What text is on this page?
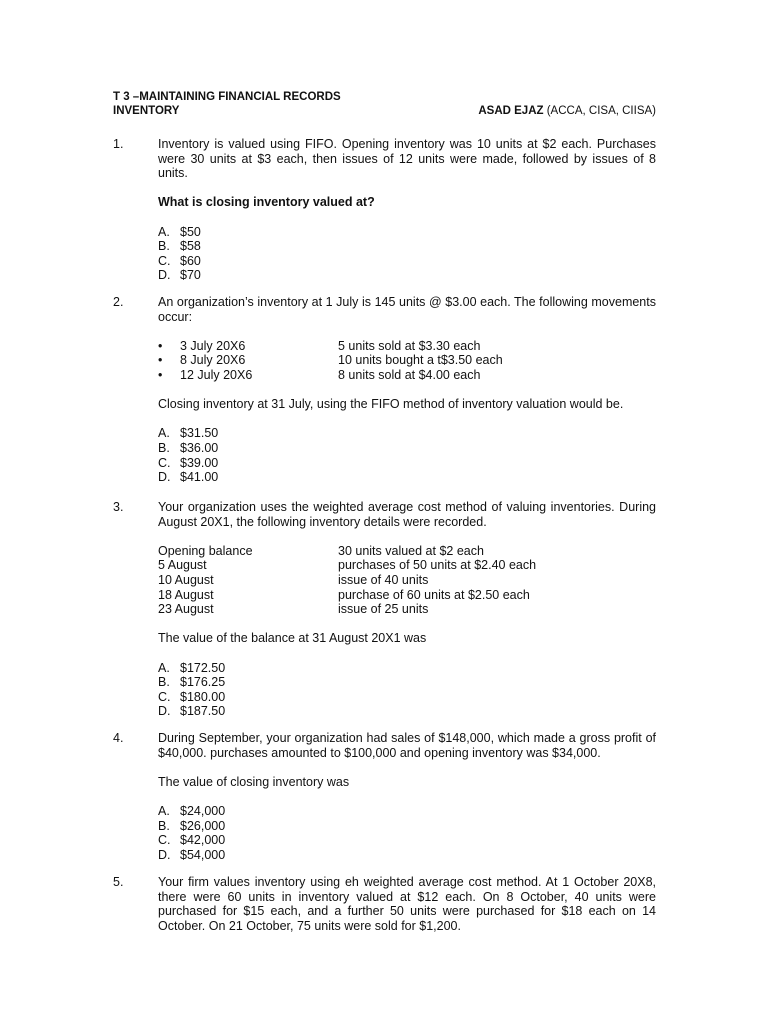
T 3 –MAINTAINING FINANCIAL RECORDS
INVENTORY	ASAD EJAZ (ACCA, CISA, CIISA)
1.	Inventory is valued using FIFO. Opening inventory was 10 units at $2 each. Purchases were 30 units at $3 each, then issues of 12 units were made, followed by issues of 8 units.

What is closing inventory valued at?

A. $50
B. $58
C. $60
D. $70
2.	An organization’s inventory at 1 July is 145 units @ $3.00 each. The following movements occur:

•	3 July 20X6	5 units sold at $3.30 each
•	8 July 20X6	10 units bought a t$3.50 each
•	12 July 20X6	8 units sold at $4.00 each

Closing inventory at 31 July, using the FIFO method of inventory valuation would be.

A. $31.50
B. $36.00
C. $39.00
D. $41.00
3.	Your organization uses the weighted average cost method of valuing inventories. During August 20X1, the following inventory details were recorded.

Opening balance	30 units valued at $2 each
5 August	purchases of 50 units at $2.40 each
10 August	issue of 40 units
18 August	purchase of 60 units at $2.50 each
23 August	issue of 25 units

The value of the balance at 31 August 20X1 was

A. $172.50
B. $176.25
C. $180.00
D. $187.50
4.	During September, your organization had sales of $148,000, which made a gross profit of $40,000. purchases amounted to $100,000 and opening inventory was $34,000.

The value of closing inventory was

A. $24,000
B. $26,000
C. $42,000
D. $54,000
5.	Your firm values inventory using eh weighted average cost method. At 1 October 20X8, there were 60 units in inventory valued at $12 each. On 8 October, 40 units were purchased for $15 each, and a further 50 units were purchased for $18 each on 14 October. On 21 October, 75 units were sold for $1,200.
